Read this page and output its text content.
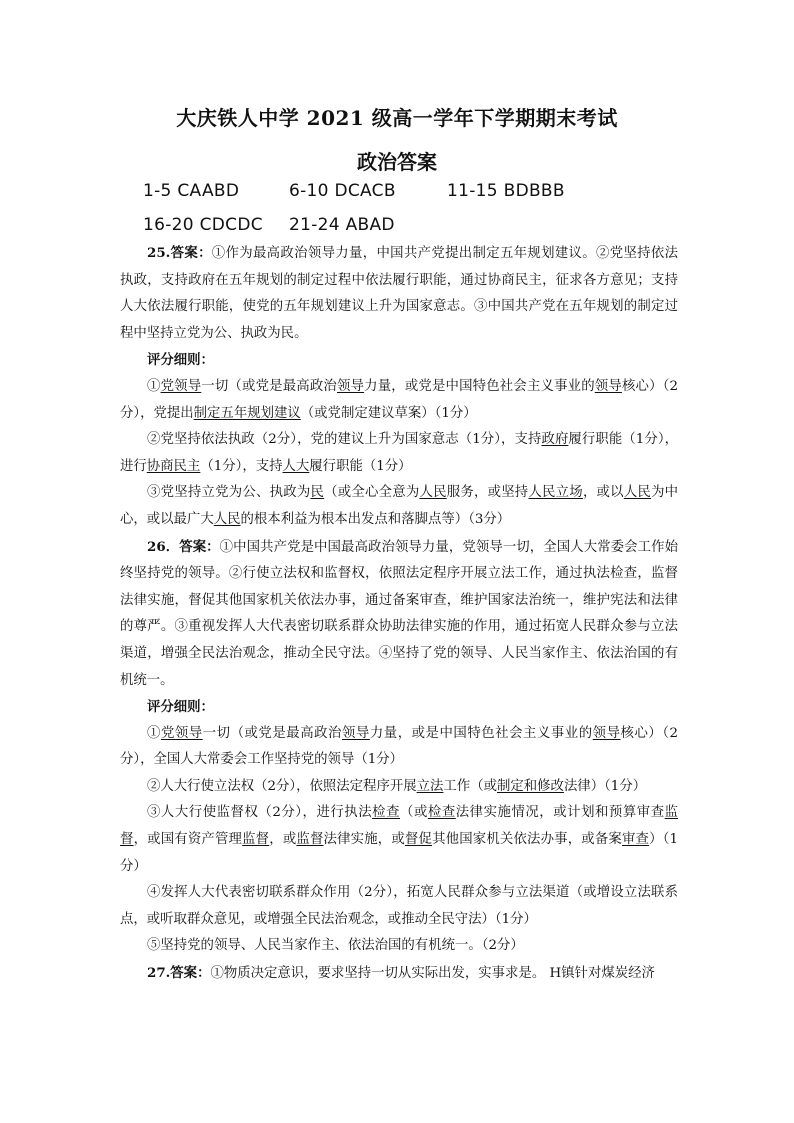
大庆铁人中学 2021 级高一学年下学期期末考试
政治答案
1-5 CAABD	6-10 DCACB	11-15 BDBBB
16-20 CDCDC 21-24 ABAD

25.答案：①作为最高政治领导力量，中国共产党提出制定五年规划建议。②党坚持依法执政，支持政府在五年规划的制定过程中依法履行职能，通过协商民主，征求各方意见；支持人大依法履行职能，使党的五年规划建议上升为国家意志。③中国共产党在五年规划的制定过程中坚持立党为公、执政为民。

评分细则：

①党领导一切（或党是最高政治领导力量，或党是中国特色社会主义事业的领导核心）（2分），党提出制定五年规划建议（或党制定建议草案）（1分）

②党坚持依法执政（2分），党的建议上升为国家意志（1分），支持政府履行职能（1分），进行协商民主（1分），支持人大履行职能（1分）

③党坚持立党为公、执政为民（或全心全意为人民服务，或坚持人民立场，或以人民为中心，或以最广大人民的根本利益为根本出发点和落脚点等）（3分）

26．答案：①中国共产党是中国最高政治领导力量，党领导一切，全国人大常委会工作始终坚持党的领导。②行使立法权和监督权，依照法定程序开展立法工作，通过执法检查，监督法律实施，督促其他国家机关依法办事，通过备案审查，维护国家法治统一，维护宪法和法律的尊严。③重视发挥人大代表密切联系群众协助法律实施的作用，通过拓宽人民群众参与立法渠道，增强全民法治观念，推动全民守法。④坚持了党的领导、人民当家作主、依法治国的有机统一。

评分细则：

①党领导一切（或党是最高政治领导力量，或是中国特色社会主义事业的领导核心）（2分），全国人大常委会工作坚持党的领导（1分）

②人大行使立法权（2分），依照法定程序开展立法工作（或制定和修改法律）（1分）

③人大行使监督权（2分），进行执法检查（或检查法律实施情况，或计划和预算审查监督，或国有资产管理监督，或监督法律实施，或督促其他国家机关依法办事，或备案审查）（1分）

④发挥人大代表密切联系群众作用（2分），拓宽人民群众参与立法渠道（或增设立法联系点，或听取群众意见，或增强全民法治观念，或推动全民守法）（1分）

⑤坚持党的领导、人民当家作主、依法治国的有机统一。（2分）

27.答案：①物质决定意识，要求坚持一切从实际出发，实事求是。 H镇针对煤炭经济
